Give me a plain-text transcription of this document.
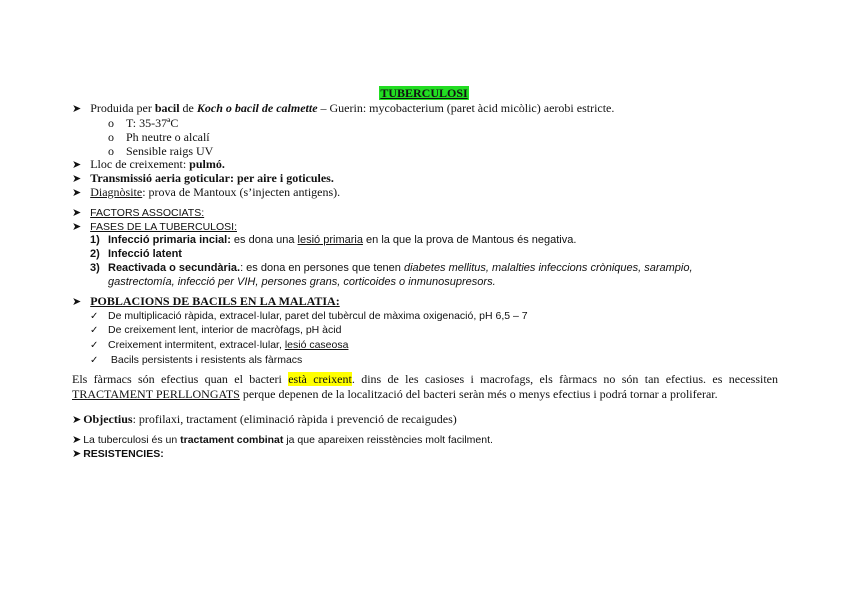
TUBERCULOSI
➤ Produida per bacil de Koch o bacil de calmette – Guerin: mycobacterium (paret àcid micòlic) aerobi estricte.
o T: 35-37ªC
o Ph neutre o alcalí
o Sensible raigs UV
➤ Lloc de creixement: pulmó.
➤ Transmissió aeria goticular: per aire i goticules.
➤ Diagnòsite: prova de Mantoux (s’injecten antigens).
➤ FACTORS ASSOCIATS:
➤ FASES DE LA TUBERCULOSI:
1) Infecció primaria incial: es dona una lesió primaria en la que la prova de Mantous és negativa.
2) Infecció latent
3) Reactivada o secundària.: es dona en persones que tenen diabetes mellitus, malalties infeccions cròniques, sarampio,
gastrectomía, infecció per VIH, persones grans, corticoides o inmunosupresors.
➤ POBLACIONS DE BACILS EN LA MALATIA:
✓ De multiplicació ràpida, extracel·lular, paret del tubèrcul de màxima oxigenació, pH 6,5 – 7
✓ De creixement lent, interior de macròfags, pH àcid
✓ Creixement intermitent, extracel·lular, lesió caseosa
✓ Bacils persistents i resistents als fàrmacs
Els fàrmacs són efectius quan el bacteri està creixent. dins de les casioses i macrofags, els fàrmacs no són tan efectius. es necessiten TRACTAMENT PERLLONGATS perque depenen de la localització del bacteri seràn més o menys efectius i podrá tornar a proliferar.
➤ Objectius: profilaxi, tractament (eliminació ràpida i prevenció de recaigudes)
➤ La tuberculosi és un tractament combinat ja que apareixen reisstències molt facilment.
➤ RESISTENCIES:
